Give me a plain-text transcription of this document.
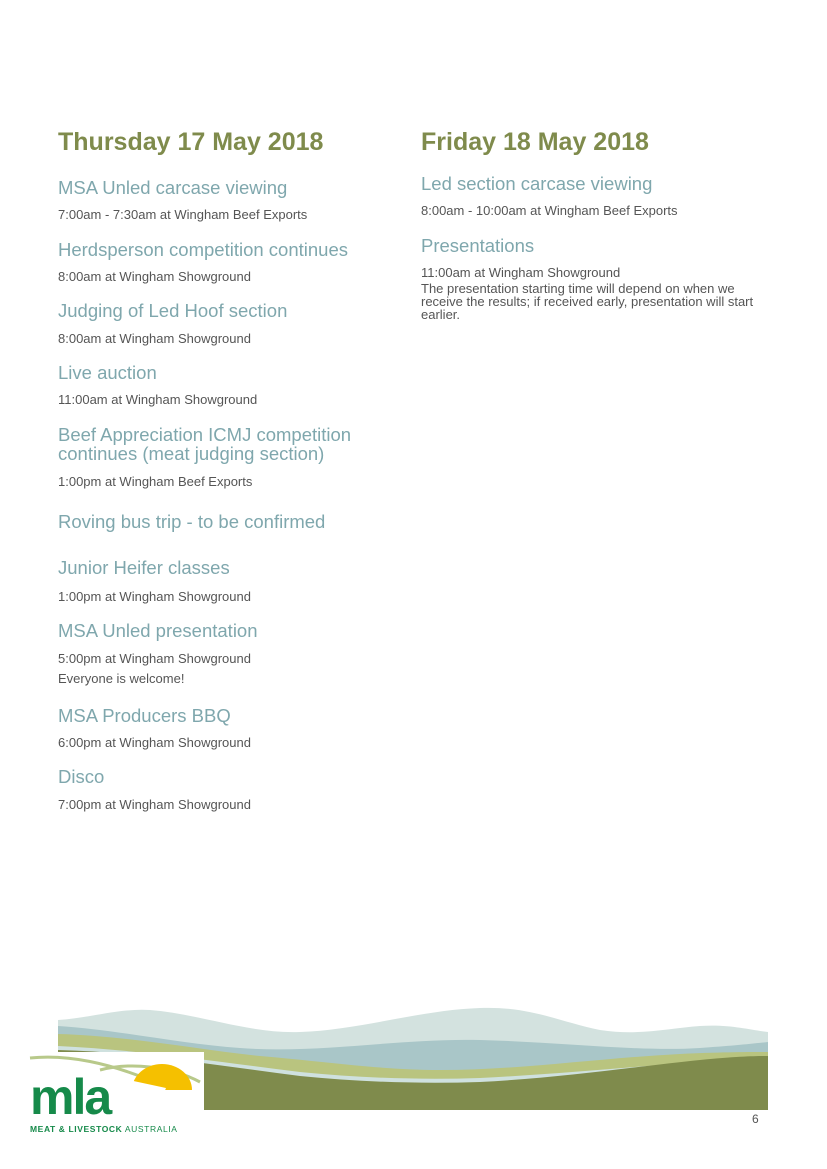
Thursday 17 May 2018

MSA Unled carcase viewing

7:00am - 7:30am at Wingham Beef Exports

Herdsperson competition continues

8:00am at Wingham Showground

Judging of Led Hoof section

8:00am at Wingham Showground

Live auction

11:00am at Wingham Showground

Beef Appreciation ICMJ competition continues (meat judging section)

1:00pm at Wingham Beef Exports

Roving bus trip - to be confirmed

Junior Heifer classes

1:00pm at Wingham Showground

MSA Unled presentation

5:00pm at Wingham Showground

Everyone is welcome!

MSA Producers BBQ

6:00pm at Wingham Showground

Disco

7:00pm at Wingham Showground

Friday 18 May 2018

Led section carcase viewing

8:00am - 10:00am at Wingham Beef Exports

Presentations

11:00am at Wingham Showground

The presentation starting time will depend on when we receive the results; if received early, presentation will start earlier.

mla
MEAT & LIVESTOCK AUSTRALIA
6
